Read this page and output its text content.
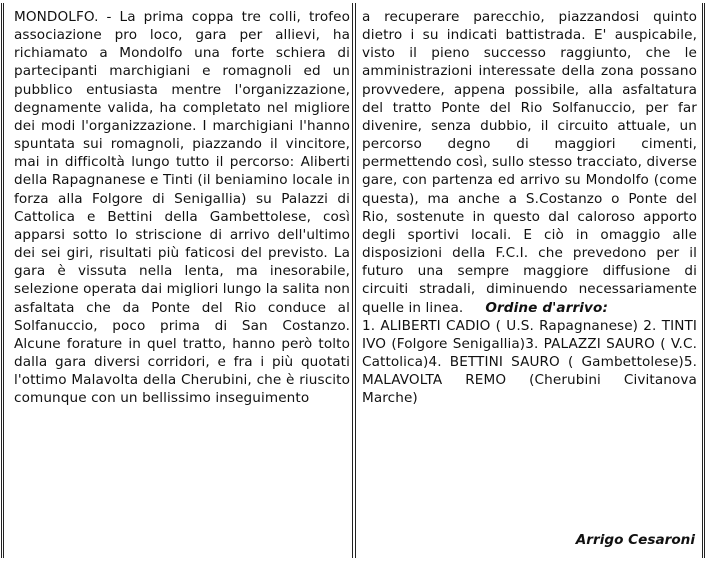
MONDOLFO. - La prima coppa tre colli, trofeo associazione pro loco, gara per allievi, ha richiamato a Mondolfo una forte schiera di partecipanti marchigiani e romagnoli ed un pubblico entusiasta mentre l'organizzazione, degnamente valida, ha completato nel migliore dei modi l'organizzazione. I marchigiani l'hanno spuntata sui romagnoli, piazzando il vincitore, mai in difficoltà lungo tutto il percorso: Aliberti della Rapagnanese e Tinti (il beniamino locale in forza alla Folgore di Senigallia) su Palazzi di Cattolica e Bettini della Gambettolese, così apparsi sotto lo striscione di arrivo dell'ultimo dei sei giri, risultati più faticosi del previsto. La gara è vissuta nella lenta, ma inesorabile, selezione operata dai migliori lungo la salita non asfaltata che da Ponte del Rio conduce al Solfanuccio, poco prima di San Costanzo. Alcune forature in quel tratto, hanno però tolto dalla gara diversi corridori, e fra i più quotati l'ottimo Malavolta della Cherubini, che è riuscito comunque con un bellissimo inseguimento

a recuperare parecchio, piazzandosi quinto dietro i su indicati battistrada. E' auspicabile, visto il pieno successo raggiunto, che le amministrazioni interessate della zona possano provvedere, appena possibile, alla asfaltatura del tratto Ponte del Rio Solfanuccio, per far divenire, senza dubbio, il circuito attuale, un percorso degno di maggiori cimenti, permettendo così, sullo stesso tracciato, diverse gare, con partenza ed arrivo su Mondolfo (come questa), ma anche a S.Costanzo o Ponte del Rio, sostenute in questo dal caloroso apporto degli sportivi locali. E ciò in omaggio alle disposizioni della F.C.I. che prevedono per il futuro una sempre maggiore diffusione di circuiti stradali, diminuendo necessariamente quelle in linea. Ordine d'arrivo:

1. ALIBERTI CADIO ( U.S. Rapagnanese) 2. TINTI IVO (Folgore Senigallia)3. PALAZZI SAURO ( V.C. Cattolica)4. BETTINI SAURO ( Gambettolese)5. MALAVOLTA REMO (Cherubini Civitanova Marche)

Arrigo Cesaroni
